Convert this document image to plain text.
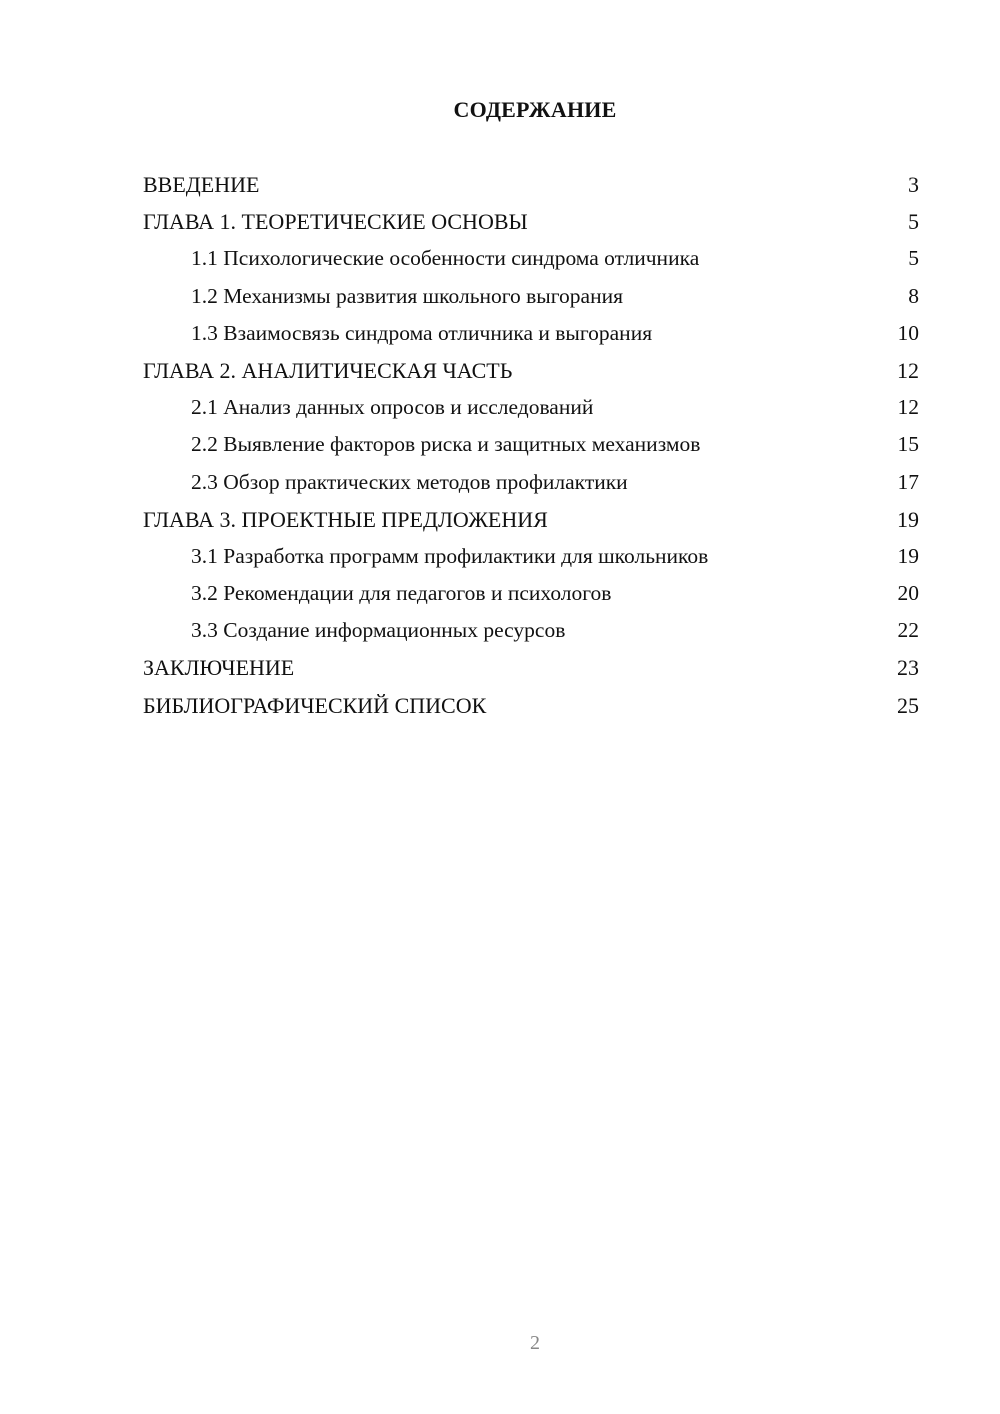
СОДЕРЖАНИЕ
ВВЕДЕНИЕ	3
ГЛАВА 1. ТЕОРЕТИЧЕСКИЕ ОСНОВЫ	5
1.1 Психологические особенности синдрома отличника	5
1.2 Механизмы развития школьного выгорания	8
1.3 Взаимосвязь синдрома отличника и выгорания	10
ГЛАВА 2. АНАЛИТИЧЕСКАЯ ЧАСТЬ	12
2.1 Анализ данных опросов и исследований	12
2.2 Выявление факторов риска и защитных механизмов	15
2.3 Обзор практических методов профилактики	17
ГЛАВА 3. ПРОЕКТНЫЕ ПРЕДЛОЖЕНИЯ	19
3.1 Разработка программ профилактики для школьников	19
3.2 Рекомендации для педагогов и психологов	20
3.3 Создание информационных ресурсов	22
ЗАКЛЮЧЕНИЕ	23
БИБЛИОГРАФИЧЕСКИЙ СПИСОК	25
2
